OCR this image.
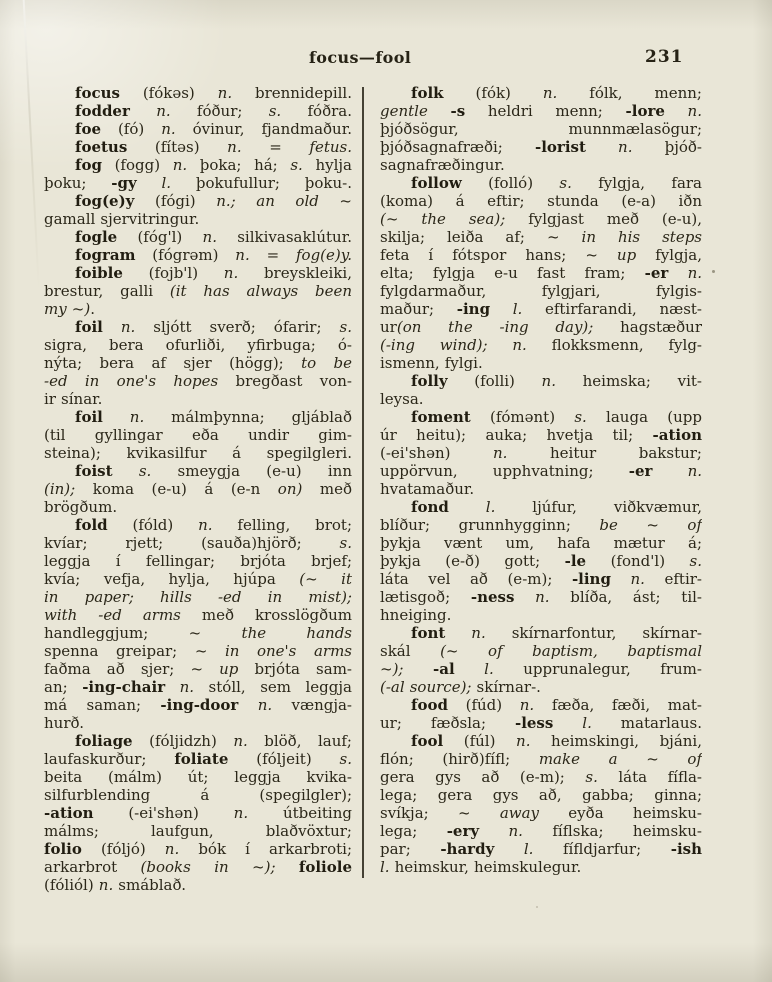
focus—fool	231
focus (fókəs) n. brennidepill.
fodder n. fóður; s. fóðra.
foe (fó) n. óvinur, fjandmaður.
foetus (fítəs) n. = fetus.
fog (fogg) n. þoka; há; s. hylja
þoku; -gy l. þokufullur; þoku-.
fog(e)y (fógi) n.; an old ~
gamall sjervitringur.
fogle (fóg'l) n. silkivasaklútur.
fogram (fógrəm) n. = fog(e)y.
foible (fojb'l) n. breyskleiki,
brestur, galli (it has always been
my ~).
foil n. sljótt sverð; ófarir; s.
sigra, bera ofurliði, yfirbuga; ó-
nýta; bera af sjer (högg); to be
-ed in one's hopes bregðast von-
ir sínar.
foil n. málmþynna; gljáblað
(til gyllingar eða undir gim-
steina); kvikasilfur á spegilgleri.
foist s. smeygja (e-u) inn
(in); koma (e-u) á (e-n on) með
brögðum.
fold (fóld) n. felling, brot;
kvíar; rjett; (sauða)hjörð; s.
leggja í fellingar; brjóta brjef;
kvía; vefja, hylja, hjúpa (~ it
in paper; hills -ed in mist);
with -ed arms með krosslögðum
handleggjum; ~ the hands
spenna greipar; ~ in one's arms
faðma að sjer; ~ up brjóta sam-
an; -ing-chair n. stóll, sem leggja
má saman; -ing-door n. vængja-
hurð.
foliage (fóljidzh) n. blöð, lauf;
laufaskurður; foliate (fóljeit) s.
beita (málm) út; leggja kvika-
silfurblending á (spegilgler);
-ation (-ei'shən) n. útbeiting
málms; laufgun, blaðvöxtur;
folio (fóljó) n. bók í arkarbroti;
arkarbrot (books in ~); foliole
(fóliól) n. smáblað.
folk (fók) n. fólk, menn;
gentle -s heldri menn; -lore n.
þjóðsögur, munnmælasögur;
þjóðsagnafræði; -lorist n. þjóð-
sagnafræðingur.
follow (folló) s. fylgja, fara
(koma) á eftir; stunda (e-a) iðn
(~ the sea); fylgjast með (e-u),
skilja; leiða af; ~ in his steps
feta í fótspor hans; ~ up fylgja,
elta; fylgja e-u fast fram; -er n.
fylgdarmaður, fylgjari, fylgis-
maður; -ing l. eftirfarandi, næst-
ur(on the -ing day); hagstæður
(-ing wind); n. flokksmenn, fylg-
ismenn, fylgi.
folly (folli) n. heimska; vit-
leysa.
foment (fómənt) s. lauga (upp
úr heitu); auka; hvetja til; -ation
(-ei'shən) n. heitur bakstur;
uppörvun, upphvatning; -er n.
hvatamaður.
fond l. ljúfur, viðkvæmur,
blíður; grunnhygginn; be ~ of
þykja vænt um, hafa mætur á;
þykja (e-ð) gott; -le (fond'l) s.
láta vel að (e-m); -ling n. eftir-
lætisgoð; -ness n. blíða, ást; til-
hneiging.
font n. skírnarfontur, skírnar-
skál (~ of baptism, baptismal
~); -al l. upprunalegur, frum-
(-al source); skírnar-.
food (fúd) n. fæða, fæði, mat-
ur; fæðsla; -less l. matarlaus.
fool (fúl) n. heimskingi, bjáni,
flón; (hirð)fífl; make a ~ of
gera gys að (e-m); s. láta fífla-
lega; gera gys að, gabba; ginna;
svíkja; ~ away eyða heimsku-
lega; -ery n. fíflska; heimsku-
par; -hardy l. fífldjarfur; -ish
l. heimskur, heimskulegur.
